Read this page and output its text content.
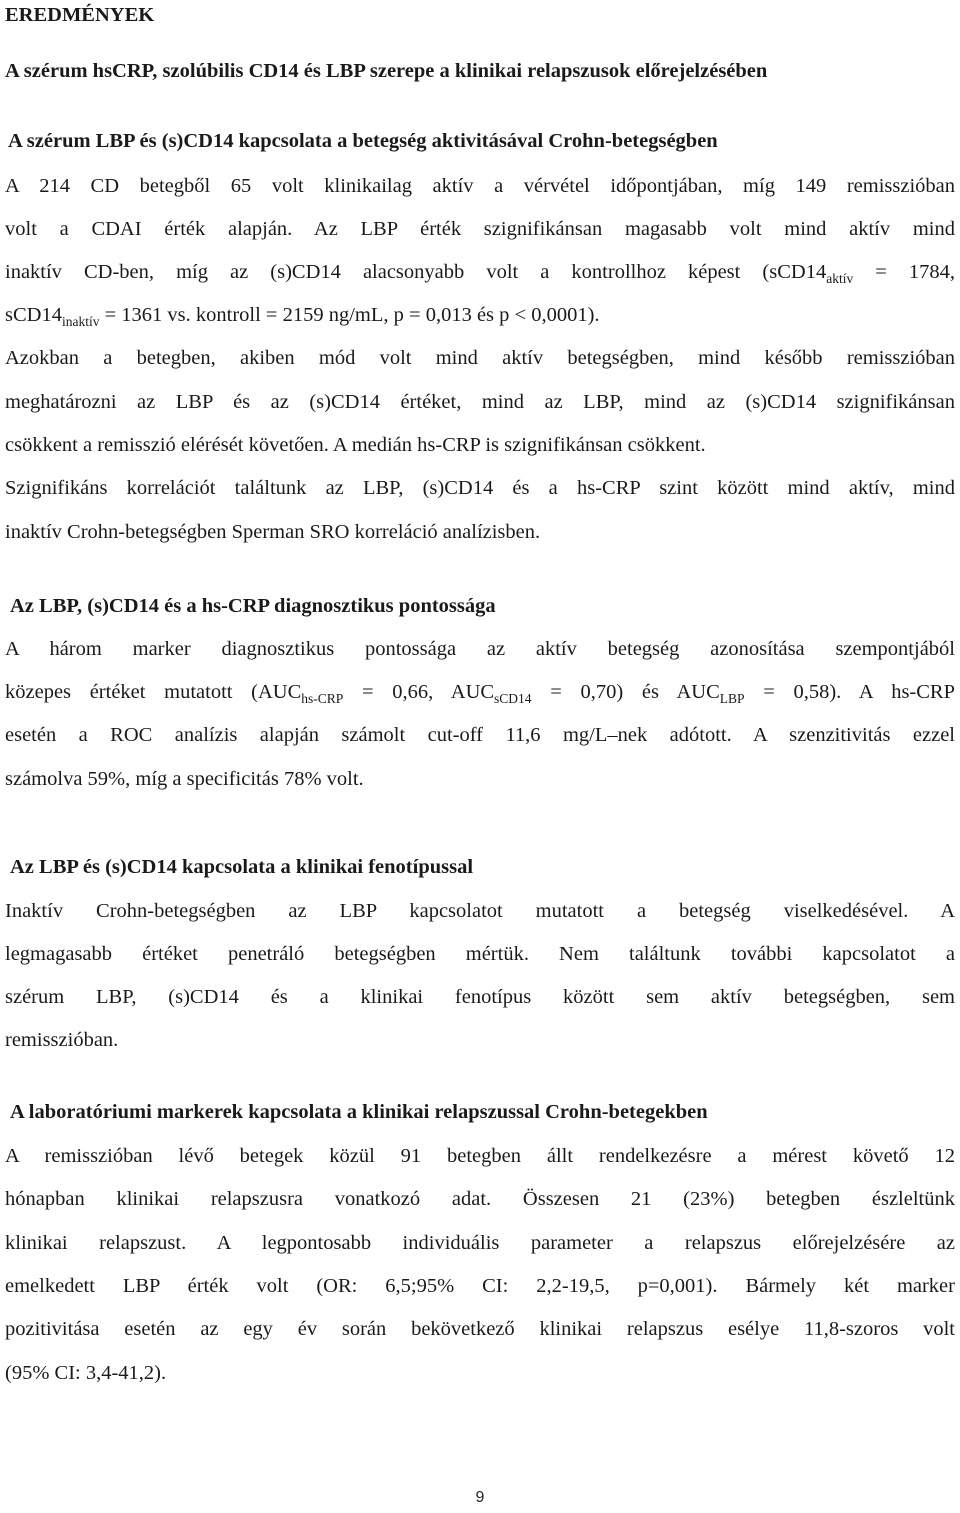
EREDMÉNYEK
A szérum hsCRP, szolúbilis CD14 és LBP szerepe a klinikai relapszusok előrejelzésében
A szérum LBP és (s)CD14 kapcsolata a betegség aktivitásával Crohn-betegségben
A 214 CD betegből 65 volt klinikailag aktív a vérvétel időpontjában, míg 149 remisszióban
volt a CDAI érték alapján. Az LBP érték szignifikánsan magasabb volt mind aktív mind
inaktív CD-ben, míg az (s)CD14 alacsonyabb volt a kontrollhoz képest ($sCD14_{aktív} = 1784$,
$sCD14_{inaktív} = 1361$ vs. kontroll = 2159 ng/mL, p = 0,013 és p < 0,0001).
Azokban a betegben, akiben mód volt mind aktív betegségben, mind később remisszióban
meghatározni az LBP és az (s)CD14 értéket, mind az LBP, mind az (s)CD14 szignifikánsan
csökkent a remisszió elérését követően. A medián hs-CRP is szignifikánsan csökkent.
Szignifikáns korrelációt találtunk az LBP, (s)CD14 és a hs-CRP szint között mind aktív, mind
inaktív Crohn-betegségben Sperman SRO korreláció analízisben.
Az LBP, (s)CD14 és a hs-CRP diagnosztikus pontossága
A három marker diagnosztikus pontossága az aktív betegség azonosítása szempontjából
közepes értéket mutatott ($AUC_{hs-CRP} = 0,66$, $AUC_{sCD14} = 0,70$) és $AUC_{LBP} = 0,58$). A hs-CRP
esetén a ROC analízis alapján számolt cut-off 11,6 mg/L–nek adótott. A szenzitivitás ezzel
számolva 59%, míg a specificitás 78% volt.
Az LBP és (s)CD14 kapcsolata a klinikai fenotípussal
Inaktív Crohn-betegségben az LBP kapcsolatot mutatott a betegség viselkedésével. A
legmagasabb értéket penetráló betegségben mértük. Nem találtunk további kapcsolatot a
szérum LBP, (s)CD14 és a klinikai fenotípus között sem aktív betegségben, sem
remisszióban.
A laboratóriumi markerek kapcsolata a klinikai relapszussal Crohn-betegekben
A remisszióban lévő betegek közül 91 betegben állt rendelkezésre a mérest követő 12
hónapban klinikai relapszusra vonatkozó adat. Összesen 21 (23%) betegben észleltünk
klinikai relapszust. A legpontosabb individuális parameter a relapszus előrejelzésére az
emelkedett LBP érték volt (OR: 6,5;95% CI: 2,2-19,5, p=0,001). Bármely két marker
pozitivitása esetén az egy év során bekövetkező klinikai relapszus esélye 11,8-szoros volt
(95% CI: 3,4-41,2).
9
